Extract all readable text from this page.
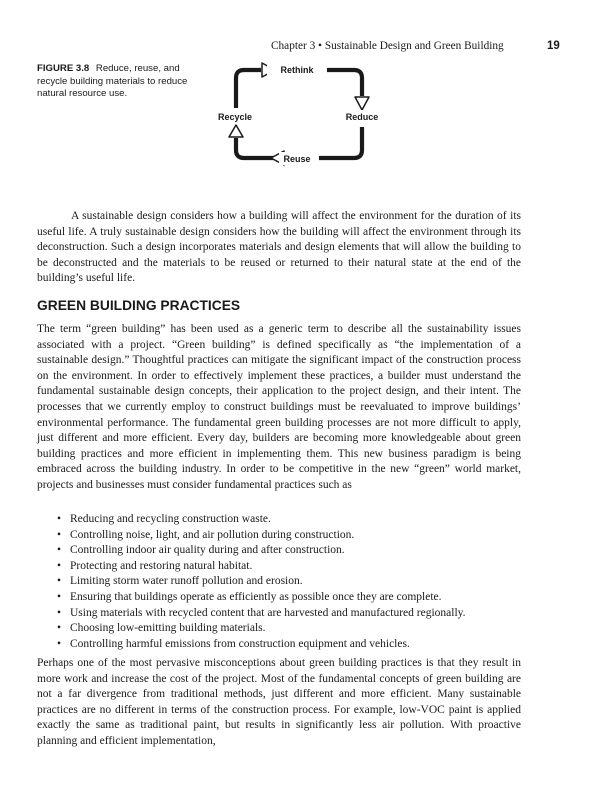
Chapter 3 • Sustainable Design and Green Building	19
FIGURE 3.8 Reduce, reuse, and recycle building materials to reduce natural resource use.
Rethink
Reduce
Reuse
Recycle

A sustainable design considers how a building will affect the environment for the duration of its useful life. A truly sustainable design considers how the building will affect the environment through its deconstruction. Such a design incorporates materials and design elements that will allow the building to be deconstructed and the materials to be reused or returned to their natural state at the end of the building’s useful life.

GREEN BUILDING PRACTICES

The term “green building” has been used as a generic term to describe all the sustainability issues associated with a project. “Green building” is defined specifically as “the implementation of a sustainable design.” Thoughtful practices can mitigate the significant impact of the construction process on the environment. In order to effectively implement these practices, a builder must understand the fundamental sustainable design concepts, their application to the project design, and their intent. The processes that we currently employ to construct buildings must be reevaluated to improve buildings’ environmental performance. The fundamental green building processes are not more difficult to apply, just different and more efficient. Every day, builders are becoming more knowledgeable about green building practices and more efficient in implementing them. This new business paradigm is being embraced across the building industry. In order to be competitive in the new “green” world market, projects and businesses must consider fundamental practices such as

• Reducing and recycling construction waste.
• Controlling noise, light, and air pollution during construction.
• Controlling indoor air quality during and after construction.
• Protecting and restoring natural habitat.
• Limiting storm water runoff pollution and erosion.
• Ensuring that buildings operate as efficiently as possible once they are complete.
• Using materials with recycled content that are harvested and manufactured regionally.
• Choosing low-emitting building materials.
• Controlling harmful emissions from construction equipment and vehicles.

Perhaps one of the most pervasive misconceptions about green building practices is that they result in more work and increase the cost of the project. Most of the fundamental concepts of green building are not a far divergence from traditional methods, just different and more efficient. Many sustainable practices are no different in terms of the construction process. For example, low-VOC paint is applied exactly the same as traditional paint, but results in significantly less air pollution. With proactive planning and efficient implementation,
